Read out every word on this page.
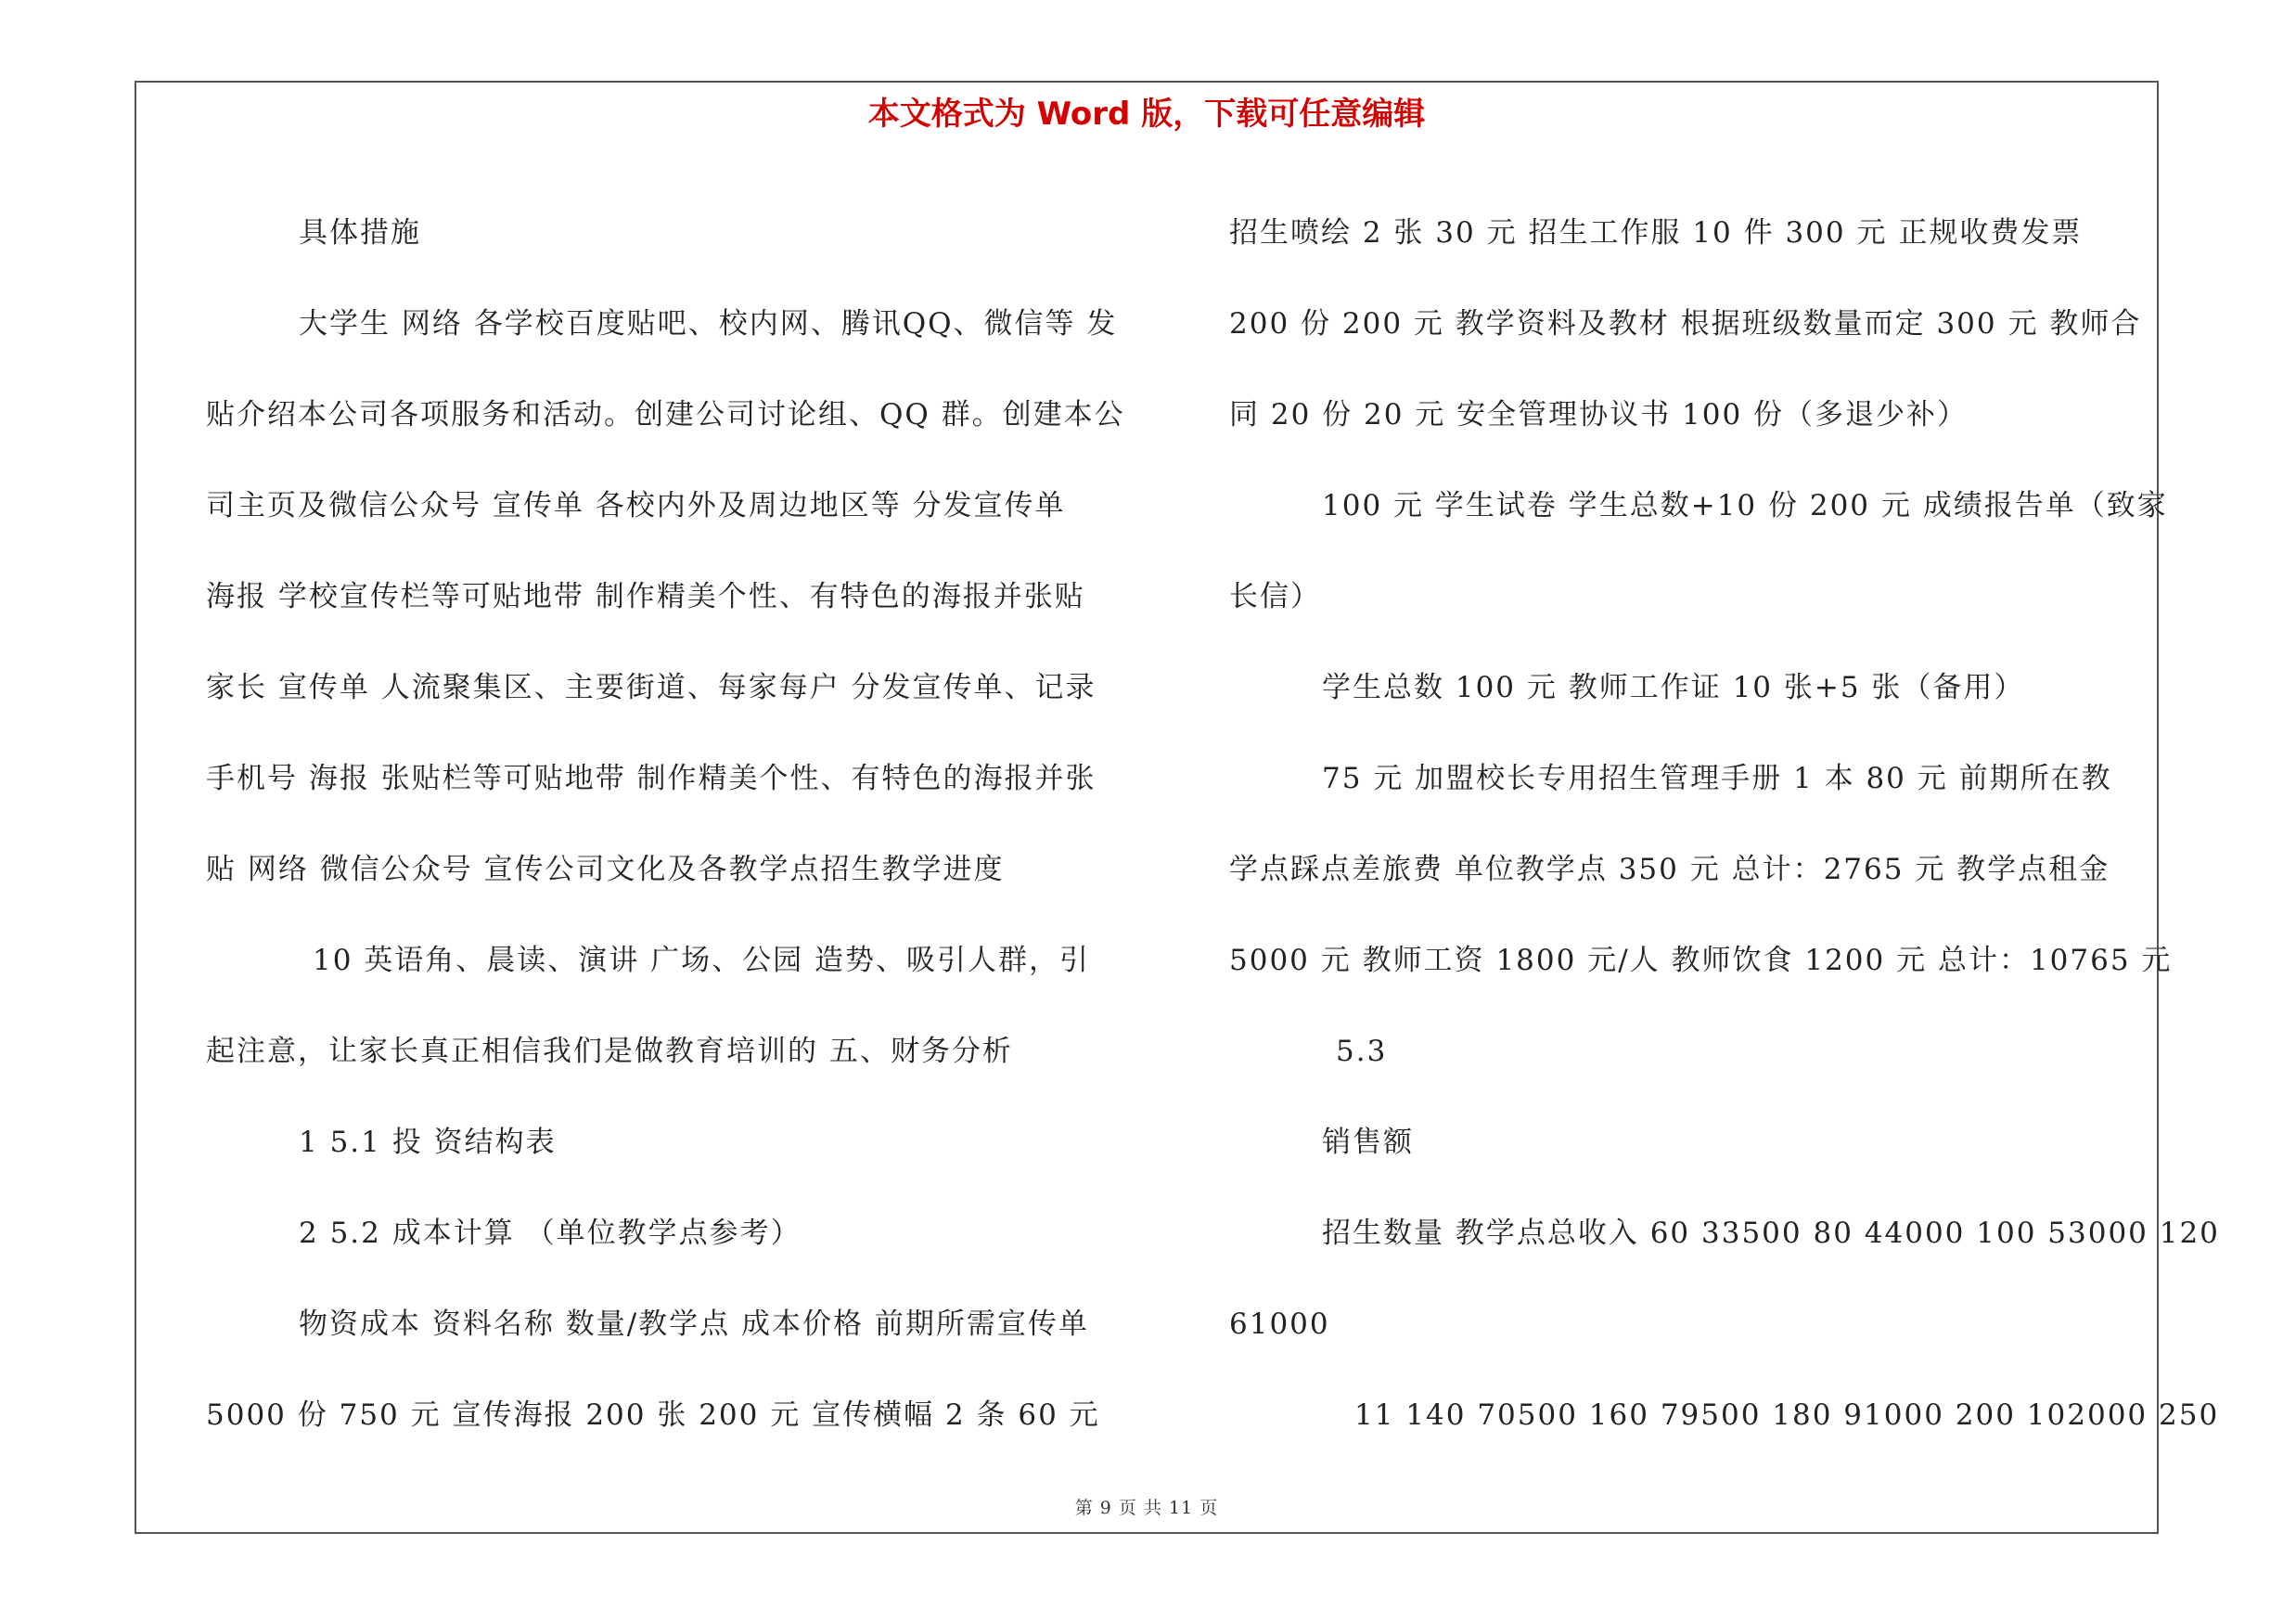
本文格式为 Word 版，下载可任意编辑
具体措施
大学生 网络 各学校百度贴吧、校内网、腾讯QQ、微信等 发
贴介绍本公司各项服务和活动。创建公司讨论组、QQ 群。创建本公
司主页及微信公众号 宣传单 各校内外及周边地区等 分发宣传单
海报 学校宣传栏等可贴地带 制作精美个性、有特色的海报并张贴
家长 宣传单 人流聚集区、主要街道、每家每户 分发宣传单、记录
手机号 海报 张贴栏等可贴地带 制作精美个性、有特色的海报并张
贴 网络 微信公众号 宣传公司文化及各教学点招生教学进度
10 英语角、晨读、演讲 广场、公园 造势、吸引人群，引
起注意，让家长真正相信我们是做教育培训的 五、财务分析
1 5.1 投 资结构表
2 5.2 成本计算 （单位教学点参考）
物资成本 资料名称 数量/教学点 成本价格 前期所需宣传单
5000 份 750 元 宣传海报 200 张 200 元 宣传横幅 2 条 60 元
招生喷绘 2 张 30 元 招生工作服 10 件 300 元 正规收费发票
200 份 200 元 教学资料及教材 根据班级数量而定 300 元 教师合
同 20 份 20 元 安全管理协议书 100 份（多退少补）
100 元 学生试卷 学生总数+10 份 200 元 成绩报告单（致家
长信）
学生总数 100 元 教师工作证 10 张+5 张（备用）
75 元 加盟校长专用招生管理手册 1 本 80 元 前期所在教
学点踩点差旅费 单位教学点 350 元 总计：2765 元 教学点租金
5000 元 教师工资 1800 元/人 教师饮食 1200 元 总计：10765 元
5.3
销售额
招生数量 教学点总收入 60 33500 80 44000 100 53000 120
61000
11 140 70500 160 79500 180 91000 200 102000 250
第 9 页 共 11 页
